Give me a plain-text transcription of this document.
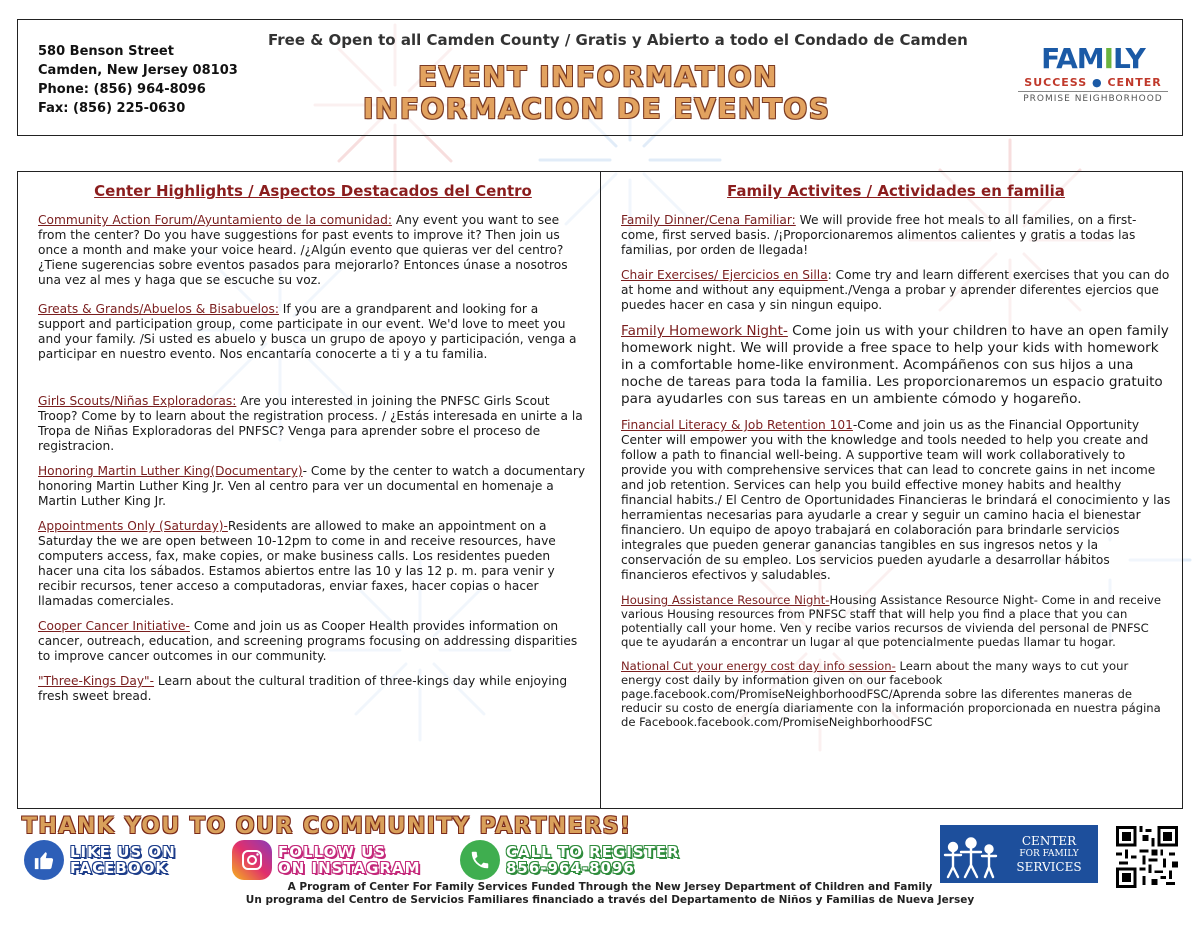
580 Benson Street
Camden, New Jersey 08103
Phone: (856) 964-8096
Fax: (856) 225-0630
Free & Open to all Camden County / Gratis y Abierto a todo el Condado de Camden
EVENT INFORMATION
INFORMACION DE EVENTOS
FAMILY
SUCCESS ● CENTER
PROMISE NEIGHBORHOOD
Center Highlights / Aspectos Destacados del Centro
Community Action Forum/Ayuntamiento de la comunidad: Any event you want to see from the center? Do you have suggestions for past events to improve it? Then join us once a month and make your voice heard. /¿Algún evento que quieras ver del centro? ¿Tiene sugerencias sobre eventos pasados para mejorarlo? Entonces únase a nosotros una vez al mes y haga que se escuche su voz.
Greats & Grands/Abuelos & Bisabuelos: If you are a grandparent and looking for a support and participation group, come participate in our event. We'd love to meet you and your family. /Si usted es abuelo y busca un grupo de apoyo y participación, venga a participar en nuestro evento. Nos encantaría conocerte a ti y a tu familia.
Girls Scouts/Niñas Exploradoras: Are you interested in joining the PNFSC Girls Scout Troop? Come by to learn about the registration process. / ¿Estás interesada en unirte a la Tropa de Niñas Exploradoras del PNFSC? Venga para aprender sobre el proceso de registracion.
Honoring Martin Luther King(Documentary)- Come by the center to watch a documentary honoring Martin Luther King Jr. Ven al centro para ver un documental en homenaje a Martin Luther King Jr.
Appointments Only (Saturday)-Residents are allowed to make an appointment on a Saturday the we are open between 10-12pm to come in and receive resources, have computers access, fax, make copies, or make business calls. Los residentes pueden hacer una cita los sábados. Estamos abiertos entre las 10 y las 12 p. m. para venir y recibir recursos, tener acceso a computadoras, enviar faxes, hacer copias o hacer llamadas comerciales.
Cooper Cancer Initiative- Come and join us as Cooper Health provides information on cancer, outreach, education, and screening programs focusing on addressing disparities to improve cancer outcomes in our community.
"Three-Kings Day"- Learn about the cultural tradition of three-kings day while enjoying fresh sweet bread.
Family Activites / Actividades en familia
Family Dinner/Cena Familiar: We will provide free hot meals to all families, on a first-come, first served basis. /¡Proporcionaremos alimentos calientes y gratis a todas las familias, por orden de llegada!
Chair Exercises/ Ejercicios en Silla: Come try and learn different exercises that you can do at home and without any equipment./Venga a probar y aprender diferentes ejercios que puedes hacer en casa y sin ningun equipo.
Family Homework Night- Come join us with your children to have an open family homework night. We will provide a free space to help your kids with homework in a comfortable home-like environment. Acompáñenos con sus hijos a una noche de tareas para toda la familia. Les proporcionaremos un espacio gratuito para ayudarles con sus tareas en un ambiente cómodo y hogareño.
Financial Literacy & Job Retention 101-Come and join us as the Financial Opportunity Center will empower you with the knowledge and tools needed to help you create and follow a path to financial well-being. A supportive team will work collaboratively to provide you with comprehensive services that can lead to concrete gains in net income and job retention. Services can help you build effective money habits and healthy financial habits./ El Centro de Oportunidades Financieras le brindará el conocimiento y las herramientas necesarias para ayudarle a crear y seguir un camino hacia el bienestar financiero. Un equipo de apoyo trabajará en colaboración para brindarle servicios integrales que pueden generar ganancias tangibles en sus ingresos netos y la conservación de su empleo. Los servicios pueden ayudarle a desarrollar hábitos financieros efectivos y saludables.
Housing Assistance Resource Night-Housing Assistance Resource Night- Come in and receive various Housing resources from PNFSC staff that will help you find a place that you can potentially call your home. Ven y recibe varios recursos de vivienda del personal de PNFSC que te ayudarán a encontrar un lugar al que potencialmente puedas llamar tu hogar.
National Cut your energy cost day info session- Learn about the many ways to cut your energy cost daily by information given on our facebook page.facebook.com/PromiseNeighborhoodFSC/Aprenda sobre las diferentes maneras de reducir su costo de energía diariamente con la información proporcionada en nuestra página de Facebook.facebook.com/PromiseNeighborhoodFSC
THANK YOU TO OUR COMMUNITY PARTNERS!
LIKE US ON
FACEBOOK
FOLLOW US
ON INSTAGRAM
CALL TO REGISTER
856-964-8096
A Program of Center For Family Services Funded Through the New Jersey Department of Children and Family
Un programa del Centro de Servicios Familiares financiado a través del Departamento de Niños y Familias de Nueva Jersey
CENTER
FOR FAMILY
SERVICES
